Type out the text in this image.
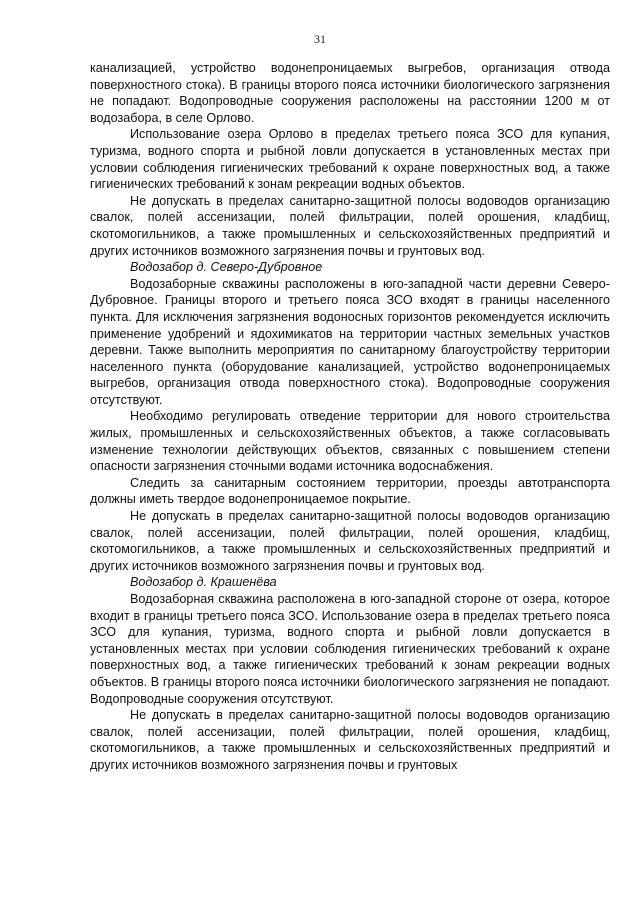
31

канализацией, устройство водонепроницаемых выгребов, организация отвода поверхностного стока). В границы второго пояса источники биологического загрязнения не попадают. Водопроводные сооружения расположены на расстоянии 1200 м от водозабора, в селе Орлово.

Использование озера Орлово в пределах третьего пояса ЗСО для купания, туризма, водного спорта и рыбной ловли допускается в установленных местах при условии соблюдения гигиенических требований к охране поверхностных вод, а также гигиенических требований к зонам рекреации водных объектов.

Не допускать в пределах санитарно-защитной полосы водоводов организацию свалок, полей ассенизации, полей фильтрации, полей орошения, кладбищ, скотомогильников, а также промышленных и сельскохозяйственных предприятий и других источников возможного загрязнения почвы и грунтовых вод.

Водозабор д. Северо-Дубровное

Водозаборные скважины расположены в юго-западной части деревни Северо-Дубровное. Границы второго и третьего пояса ЗСО входят в границы населенного пункта. Для исключения загрязнения водоносных горизонтов рекомендуется исключить применение удобрений и ядохимикатов на территории частных земельных участков деревни. Также выполнить мероприятия по санитарному благоустройству территории населенного пункта (оборудование канализацией, устройство водонепроницаемых выгребов, организация отвода поверхностного стока). Водопроводные сооружения отсутствуют.

Необходимо регулировать отведение территории для нового строительства жилых, промышленных и сельскохозяйственных объектов, а также согласовывать изменение технологии действующих объектов, связанных с повышением степени опасности загрязнения сточными водами источника водоснабжения.

Следить за санитарным состоянием территории, проезды автотранспорта должны иметь твердое водонепроницаемое покрытие.

Не допускать в пределах санитарно-защитной полосы водоводов организацию свалок, полей ассенизации, полей фильтрации, полей орошения, кладбищ, скотомогильников, а также промышленных и сельскохозяйственных предприятий и других источников возможного загрязнения почвы и грунтовых вод.

Водозабор д. Крашенёва

Водозаборная скважина расположена в юго-западной стороне от озера, которое входит в границы третьего пояса ЗСО. Использование озера в пределах третьего пояса ЗСО для купания, туризма, водного спорта и рыбной ловли допускается в установленных местах при условии соблюдения гигиенических требований к охране поверхностных вод, а также гигиенических требований к зонам рекреации водных объектов. В границы второго пояса источники биологического загрязнения не попадают. Водопроводные сооружения отсутствуют.

Не допускать в пределах санитарно-защитной полосы водоводов организацию свалок, полей ассенизации, полей фильтрации, полей орошения, кладбищ, скотомогильников, а также промышленных и сельскохозяйственных предприятий и других источников возможного загрязнения почвы и грунтовых
